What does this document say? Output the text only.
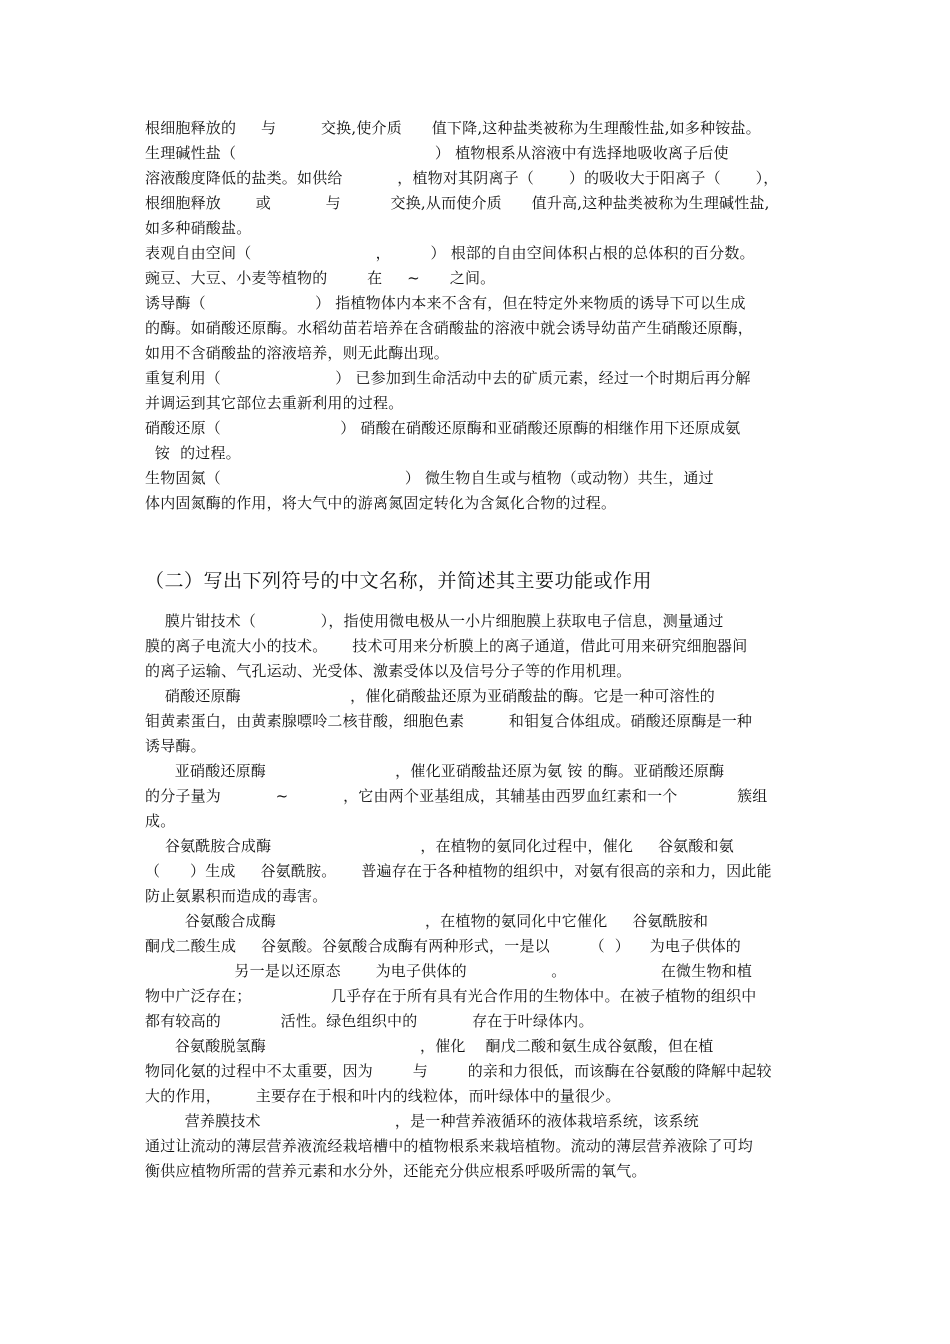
根细胞释放的     与         交换,使介质      值下降,这种盐类被称为生理酸性盐,如多种铵盐。
生理碱性盐（                                        ） 植物根系从溶液中有选择地吸收离子后使
溶液酸度降低的盐类。如供给           ，植物对其阴离子（       ）的吸收大于阳离子（       ），
根细胞释放       或           与          交换,从而使介质      值升高,这种盐类被称为生理碱性盐,
如多种硝酸盐。
表观自由空间（                         ，        ） 根部的自由空间体积占根的总体积的百分数。
豌豆、大豆、小麦等植物的        在     ~      之间。
诱导酶（                      ） 指植物体内本来不含有，但在特定外来物质的诱导下可以生成
的酶。如硝酸还原酶。水稻幼苗若培养在含硝酸盐的溶液中就会诱导幼苗产生硝酸还原酶，
如用不含硝酸盐的溶液培养，则无此酶出现。
重复利用（                       ） 已参加到生命活动中去的矿质元素，经过一个时期后再分解
并调运到其它部位去重新利用的过程。
硝酸还原（                        ） 硝酸在硝酸还原酶和亚硝酸还原酶的相继作用下还原成氨
铵  的过程。
生物固氮（                                     ） 微生物自生或与植物（或动物）共生，通过
体内固氮酶的作用，将大气中的游离氮固定转化为含氮化合物的过程。
（二）写出下列符号的中文名称，并简述其主要功能或作用
膜片钳技术（             ），指使用微电极从一小片细胞膜上获取电子信息，测量通过
膜的离子电流大小的技术。     技术可用来分析膜上的离子通道，借此可用来研究细胞器间
的离子运输、气孔运动、光受体、激素受体以及信号分子等的作用机理。
硝酸还原酶                      ，催化硝酸盐还原为亚硝酸盐的酶。它是一种可溶性的
钼黄素蛋白，由黄素腺嘌呤二核苷酸，细胞色素         和钼复合体组成。硝酸还原酶是一种
诱导酶。
亚硝酸还原酶                          ，催化亚硝酸盐还原为氨 铵 的酶。亚硝酸还原酶
的分子量为           ~           ，它由两个亚基组成，其辅基由西罗血红素和一个            簇组
成。
谷氨酰胺合成酶                              ，在植物的氨同化过程中，催化     谷氨酸和氨
（      ）生成     谷氨酰胺。     普遍存在于各种植物的组织中，对氨有很高的亲和力，因此能
防止氨累积而造成的毒害。
谷氨酸合成酶                              ，在植物的氨同化中它催化     谷氨酰胺和
酮戊二酸生成     谷氨酸。谷氨酸合成酶有两种形式，一是以        （  ）    为电子供体的
另一是以还原态       为电子供体的                 。                   在微生物和植
物中广泛存在；                几乎存在于所有具有光合作用的生物体中。在被子植物的组织中
都有较高的            活性。绿色组织中的           存在于叶绿体内。
谷氨酸脱氢酶                               ，催化    酮戊二酸和氨生成谷氨酸，但在植
物同化氨的过程中不太重要，因为        与        的亲和力很低，而该酶在谷氨酸的降解中起较
大的作用，       主要存在于根和叶内的线粒体，而叶绿体中的量很少。
营养膜技术                           ，是一种营养液循环的液体栽培系统，该系统
通过让流动的薄层营养液流经栽培槽中的植物根系来栽培植物。流动的薄层营养液除了可均
衡供应植物所需的营养元素和水分外，还能充分供应根系呼吸所需的氧气。
